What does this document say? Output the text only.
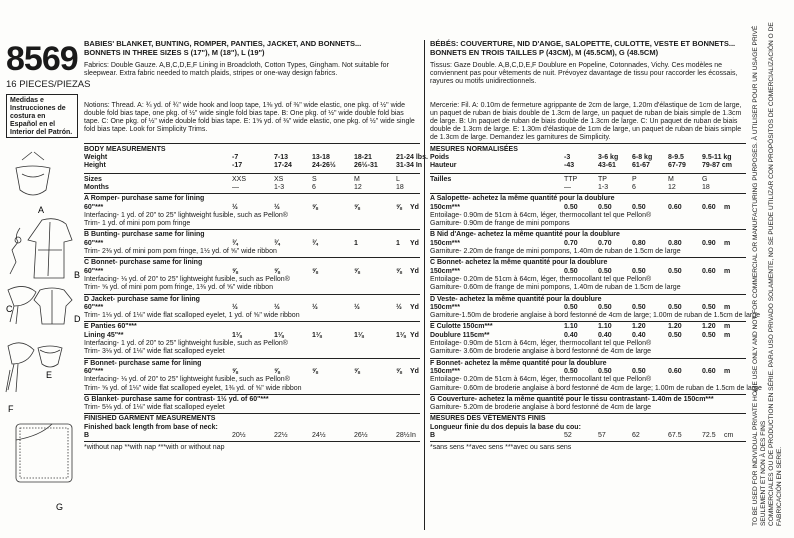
8569
16 PIECES/PIEZAS
Medidas e Instrucciones de costura en Español en el Interior del Patrón.
A
B
C
D
E
F
G
BABIES' BLANKET, BUNTING, ROMPER, PANTIES, JACKET, AND BONNETS...
BONNETS IN THREE SIZES S (17"), M (18"), L (19")
Fabrics: Double Gauze. A,B,C,D,E,F Lining in Broadcloth, Cotton Types, Gingham. Not suitable for sleepwear. Extra fabric needed to match plaids, stripes or one-way design fabrics.
Notions: Thread. A: ¾ yd. of ¾" wide hook and loop tape, 1⅜ yd. of ⅜" wide elastic, one pkg. of ½" wide double fold bias tape, one pkg. of ½" wide single fold bias tape. B: One pkg. of ½" wide double fold bias tape. C: One pkg. of ½" wide double fold bias tape. E: 1⅝ yd. of ⅜" wide elastic, one pkg. of ½" wide single fold bias tape. Look for Simplicity Trims.
BODY MEASUREMENTS
Weight	-7	7-13	13-18	18-21	21-24 lbs.
Height	-17	17-24	24-26½	26½-31	31-34 In
Sizes	XXS	XS	S	M	L
Months	—	1-3	6	12	18
A Romper- purchase same for lining
60"***	½	½	⅝	⅝	⅝ Yd
Interfacing- 1 yd. of 20" to 25" lightweight fusible, such as Pellon®
Trim- 1 yd. of mini pom pom fringe
B Bunting- purchase same for lining
60"***	¾	¾	¾	1	1 Yd
Trim- 2⅜ yd. of mini pom pom fringe, 1½ yd. of ⅝" wide ribbon
C Bonnet- purchase same for lining
60"***	⅝	⅝	⅝	⅝	⅝ Yd
Interfacing- ⅛ yd. of 20" to 25" lightweight fusible, such as Pellon®
Trim- ⅝ yd. of mini pom pom fringe, 1⅜ yd. of ⅝" wide ribbon
D Jacket- purchase same for lining
60"***	½	½	½	½	½ Yd
Trim- 1⅛ yd. of 1⅛" wide flat scalloped eyelet, 1 yd. of ⅝" wide ribbon
E Panties 60"***
Lining 45"**	1⅛	1⅛	1⅛	1⅛	1⅛ Yd
Interfacing- 1 yd. of 20" to 25" lightweight fusible, such as Pellon®
Trim- 3⅛ yd. of 1⅛" wide flat scalloped eyelet
F Bonnet- purchase same for lining
60"***	⅝	⅝	⅝	⅝	⅝ Yd
Interfacing- ⅛ yd. of 20" to 25" lightweight fusible, such as Pellon®
Trim- ⅝ yd. of 1⅛" wide flat scalloped eyelet, 1⅜ yd. of ⅝" wide ribbon
G Blanket- purchase same for contrast- 1½ yd. of 60"***
Trim- 5⅛ yd. of 1⅛" wide flat scalloped eyelet
FINISHED GARMENT MEASUREMENTS
Finished back length from base of neck:
B	20½	22½	24½	26½	28½ In
*without nap **with nap ***with or without nap
BÉBÉS: COUVERTURE, NID D'ANGE, SALOPETTE, CULOTTE, VESTE ET BONNETS...
BONNETS EN TROIS TAILLES P (43CM), M (45.5CM), G (48.5CM)
Tissus: Gaze Double. A,B,C,D,E,F Doublure en Popeline, Cotonnades, Vichy. Ces modèles ne conviennent pas pour vêtements de nuit. Prévoyez davantage de tissu pour raccorder les écossais, rayures ou motifs unidirectionnels.
Mercerie: Fil. A: 0.10m de fermeture agrippante de 2cm de large, 1.20m d'élastique de 1cm de large, un paquet de ruban de biais double de 1.3cm de large, un paquet de ruban de biais simple de 1.3cm de large. B: Un paquet de ruban de biais double de 1.3cm de large. C: Un paquet de ruban de biais double de 1.3cm de large. E: 1.30m d'élastique de 1cm de large, un paquet de ruban de biais simple de 1.3cm de large. Demandez les garnitures de Simplicity.
MESURES NORMALISÉES
Poids	-3	3-6 kg 6-8 kg 8-9.5	9.5-11 kg
Hauteur	-43	43-61 61-67	67-79 79-87 cm
Tailles	TTP	TP	P	M	G
—	1-3	6	12	18
A Salopette- achetez la même quantité pour la doublure
150cm***	0.50	0.50	0.50	0.60	0.60 m
Entoilage- 0.90m de 51cm à 64cm, léger, thermocollant tel que Pellon®
Garniture- 0.90m de frange de mini pompons
B Nid d'Ange- achetez la même quantité pour la doublure
150cm***	0.70	0.70	0.80	0.80	0.90 m
Garniture- 2.20m de frange de mini pompons, 1.40m de ruban de 1.5cm de large
C Bonnet- achetez la même quantité pour la doublure
150cm***	0.50	0.50	0.50	0.50	0.60 m
Entoilage- 0.20m de 51cm à 64cm, léger, thermocollant tel que Pellon®
Garniture- 0.60m de frange de mini pompons, 1.40m de ruban de 1.5cm de large
D Veste- achetez la même quantité pour la doublure
150cm***	0.50	0.50	0.50	0.50	0.50 m
Garniture-1.50m de broderie anglaise à bord festonné de 4cm de large; 1.00m de ruban de 1.5cm de large
E Culotte 150cm***	1.10	1.10	1.20	1.20	1.20 m
Doublure 115cm**	0.40	0.40	0.40	0.50	0.50 m
Entoilage- 0.90m de 51cm à 64cm, léger, thermocollant tel que Pellon®
Garniture- 3.60m de broderie anglaise à bord festonné de 4cm de large
F Bonnet- achetez la même quantité pour la doublure
150cm***	0.50	0.50	0.50	0.60	0.60 m
Entoilage- 0.20m de 51cm à 64cm, léger, thermocollant tel que Pellon®
Garniture- 0.60m de broderie anglaise à bord festonné de 4cm de large; 1.00m de ruban de 1.5cm de large
G Couverture- achetez la même quantité pour le tissu contrastant- 1.40m de 150cm***
Garniture- 5.20m de broderie anglaise à bord festonné de 4cm de large
MESURES DES VÊTEMENTS FINIS
Longueur finie du dos depuis la base du cou:
B	52	57	62	67.5	72.5 cm
*sans sens **avec sens ***avec ou sans sens	TO BE USED FOR INDIVIDUAL PRIVATE HOME USE ONLY AND NOT FOR COMMERCIAL OR MANUFACTURING PURPOSES. À UTILISER POUR UN USAGE PRIVÉ SEULEMENT ET NON À DES FINS COMMERCIALES OU DE PRODUCTION EN SÉRIE. PARA USO PRIVADO SOLAMENTE, NO SE PUEDE UTILIZAR CON PROPÓSITOS DE COMERCIALIZACIÓN O DE FABRICACIÓN EN SERIE.
